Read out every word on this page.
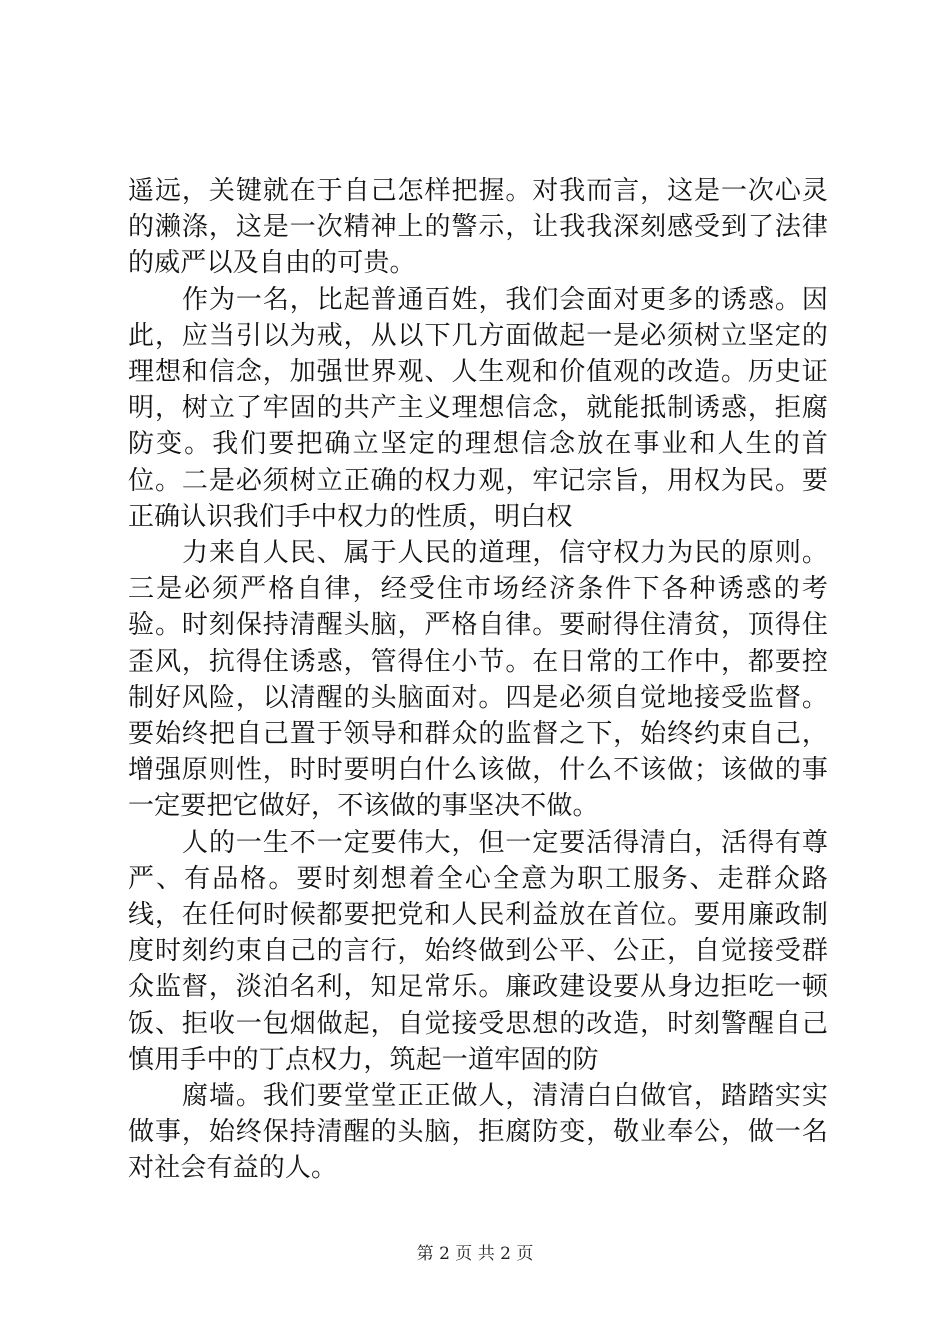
遥远，关键就在于自己怎样把握。对我而言，这是一次心灵的濑涤，这是一次精神上的警示，让我我深刻感受到了法律的威严以及自由的可贵。

作为一名，比起普通百姓，我们会面对更多的诱惑。因此，应当引以为戒，从以下几方面做起一是必须树立坚定的理想和信念，加强世界观、人生观和价值观的改造。历史证明，树立了牢固的共产主义理想信念，就能抵制诱惑，拒腐防变。我们要把确立坚定的理想信念放在事业和人生的首位。二是必须树立正确的权力观，牢记宗旨，用权为民。要正确认识我们手中权力的性质，明白权

力来自人民、属于人民的道理，信守权力为民的原则。三是必须严格自律，经受住市场经济条件下各种诱惑的考验。时刻保持清醒头脑，严格自律。要耐得住清贫，顶得住歪风，抗得住诱惑，管得住小节。在日常的工作中，都要控制好风险，以清醒的头脑面对。四是必须自觉地接受监督。要始终把自己置于领导和群众的监督之下，始终约束自己，增强原则性，时时要明白什么该做，什么不该做；该做的事一定要把它做好，不该做的事坚决不做。

人的一生不一定要伟大，但一定要活得清白，活得有尊严、有品格。要时刻想着全心全意为职工服务、走群众路线，在任何时候都要把党和人民利益放在首位。要用廉政制度时刻约束自己的言行，始终做到公平、公正，自觉接受群众监督，淡泊名利，知足常乐。廉政建设要从身边拒吃一顿饭、拒收一包烟做起，自觉接受思想的改造，时刻警醒自己慎用手中的丁点权力，筑起一道牢固的防

腐墙。我们要堂堂正正做人，清清白白做官，踏踏实实做事，始终保持清醒的头脑，拒腐防变，敬业奉公，做一名对社会有益的人。

第 2 页 共 2 页
